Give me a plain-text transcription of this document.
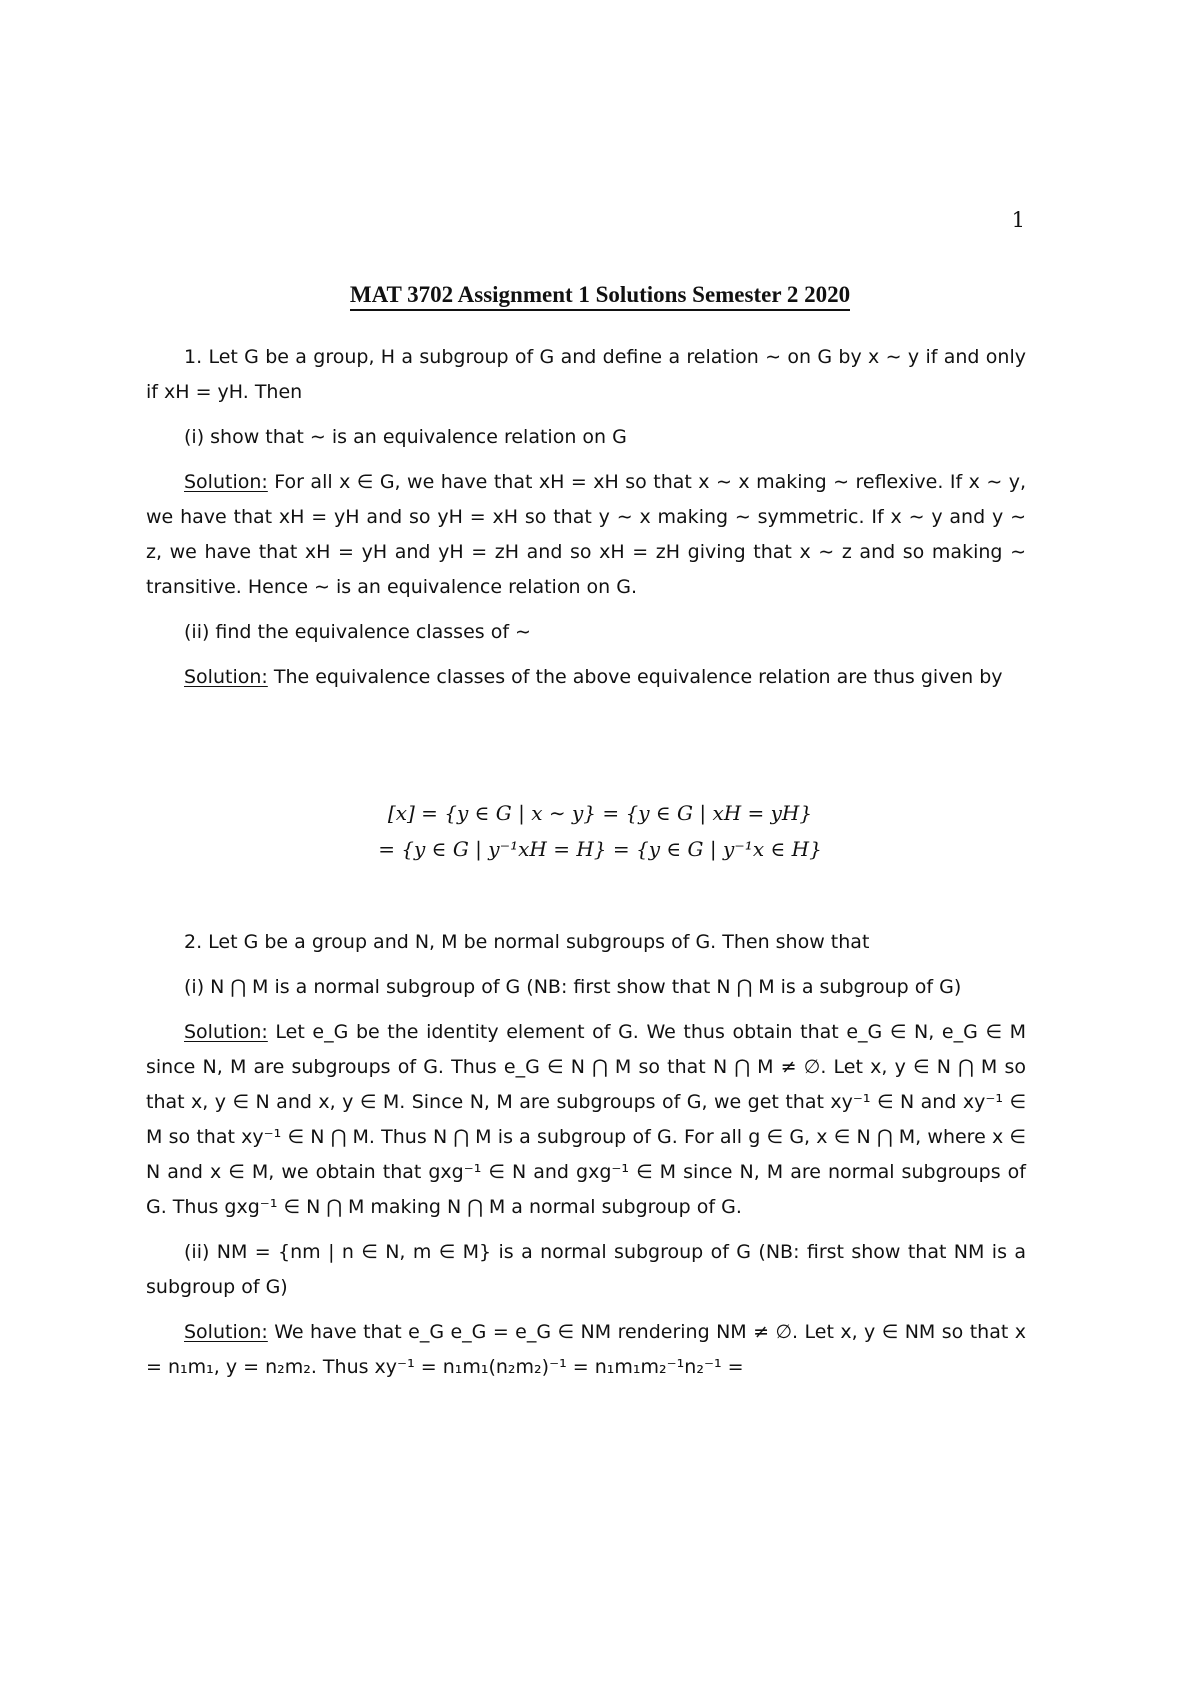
1
MAT 3702 Assignment 1 Solutions Semester 2 2020

1. Let G be a group, H a subgroup of G and define a relation ∼ on G by x ∼ y if and only if xH = yH. Then

(i) show that ∼ is an equivalence relation on G

Solution: For all x ∈ G, we have that xH = xH so that x ∼ x making ∼ reflexive. If x ∼ y, we have that xH = yH and so yH = xH so that y ∼ x making ∼ symmetric. If x ∼ y and y ∼ z, we have that xH = yH and yH = zH and so xH = zH giving that x ∼ z and so making ∼ transitive. Hence ∼ is an equivalence relation on G.

(ii) find the equivalence classes of ∼

Solution: The equivalence classes of the above equivalence relation are thus given by

[x] = {y ∈ G | x ∼ y} = {y ∈ G | xH = yH}
= {y ∈ G | y⁻¹xH = H} = {y ∈ G | y⁻¹x ∈ H}

2. Let G be a group and N, M be normal subgroups of G. Then show that

(i) N ⋂ M is a normal subgroup of G (NB: first show that N ⋂ M is a subgroup of G)

Solution: Let e_G be the identity element of G. We thus obtain that e_G ∈ N, e_G ∈ M since N, M are subgroups of G. Thus e_G ∈ N ⋂ M so that N ⋂ M ≠ ∅. Let x, y ∈ N ⋂ M so that x, y ∈ N and x, y ∈ M. Since N, M are subgroups of G, we get that xy⁻¹ ∈ N and xy⁻¹ ∈ M so that xy⁻¹ ∈ N ⋂ M. Thus N ⋂ M is a subgroup of G. For all g ∈ G, x ∈ N ⋂ M, where x ∈ N and x ∈ M, we obtain that gxg⁻¹ ∈ N and gxg⁻¹ ∈ M since N, M are normal subgroups of G. Thus gxg⁻¹ ∈ N ⋂ M making N ⋂ M a normal subgroup of G.

(ii) NM = {nm | n ∈ N, m ∈ M} is a normal subgroup of G (NB: first show that NM is a subgroup of G)

Solution: We have that e_G e_G = e_G ∈ NM rendering NM ≠ ∅. Let x, y ∈ NM so that x = n₁m₁, y = n₂m₂. Thus xy⁻¹ = n₁m₁(n₂m₂)⁻¹ = n₁m₁m₂⁻¹n₂⁻¹ =
